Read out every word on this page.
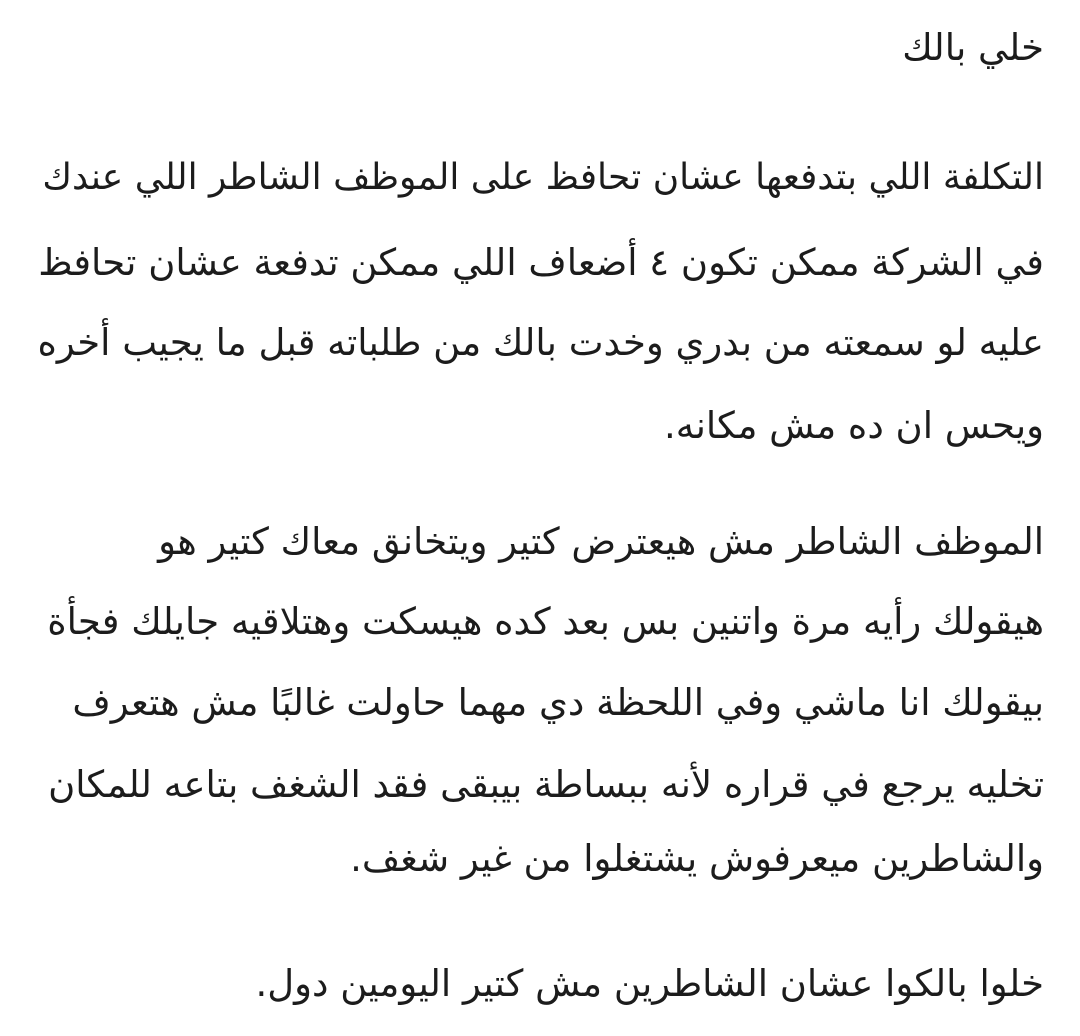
خلي بالك
التكلفة اللي بتدفعها عشان تحافظ على الموظف الشاطر اللي عندك
في الشركة ممكن تكون ٤ أضعاف اللي ممكن تدفعة عشان تحافظ
عليه لو سمعته من بدري وخدت بالك من طلباته قبل ما يجيب أخره
ويحس ان ده مش مكانه.
الموظف الشاطر مش هيعترض كتير ويتخانق معاك كتير هو
هيقولك رأيه مرة واتنين بس بعد كده هيسكت وهتلاقيه جايلك فجأة
بيقولك انا ماشي وفي اللحظة دي مهما حاولت غالبًا مش هتعرف
تخليه يرجع في قراره لأنه ببساطة بيبقى فقد الشغف بتاعه للمكان
والشاطرين ميعرفوش يشتغلوا من غير شغف.
خلوا بالكوا عشان الشاطرين مش كتير اليومين دول.
